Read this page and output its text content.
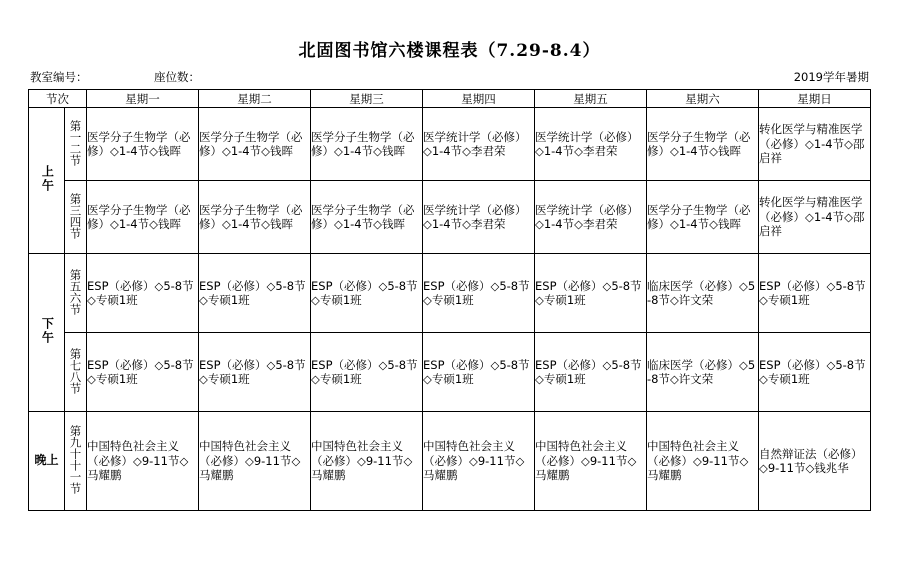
北固图书馆六楼课程表（7.29-8.4）
教室编号：	座位数：	2019学年暑期
节次		星期一	星期二	星期三	星期四	星期五	星期六	星期日
上午	第一二节	医学分子生物学（必修）◇1-4节◇钱晖	医学分子生物学（必修）◇1-4节◇钱晖	医学分子生物学（必修）◇1-4节◇钱晖	医学统计学（必修）◇1-4节◇李君荣	医学统计学（必修）◇1-4节◇李君荣	医学分子生物学（必修）◇1-4节◇钱晖	转化医学与精准医学（必修）◇1-4节◇邵启祥
	第三四节	医学分子生物学（必修）◇1-4节◇钱晖	医学分子生物学（必修）◇1-4节◇钱晖	医学分子生物学（必修）◇1-4节◇钱晖	医学统计学（必修）◇1-4节◇李君荣	医学统计学（必修）◇1-4节◇李君荣	医学分子生物学（必修）◇1-4节◇钱晖	转化医学与精准医学（必修）◇1-4节◇邵启祥
下午	第五六节	ESP（必修）◇5-8节◇专硕1班	ESP（必修）◇5-8节◇专硕1班	ESP（必修）◇5-8节◇专硕1班	ESP（必修）◇5-8节◇专硕1班	ESP（必修）◇5-8节◇专硕1班	临床医学（必修）◇5-8节◇许文荣	ESP（必修）◇5-8节◇专硕1班
	第七八节	ESP（必修）◇5-8节◇专硕1班	ESP（必修）◇5-8节◇专硕1班	ESP（必修）◇5-8节◇专硕1班	ESP（必修）◇5-8节◇专硕1班	ESP（必修）◇5-8节◇专硕1班	临床医学（必修）◇5-8节◇许文荣	ESP（必修）◇5-8节◇专硕1班
晚上	第九十十一节	中国特色社会主义（必修）◇9-11节◇马耀鹏	中国特色社会主义（必修）◇9-11节◇马耀鹏	中国特色社会主义（必修）◇9-11节◇马耀鹏	中国特色社会主义（必修）◇9-11节◇马耀鹏	中国特色社会主义（必修）◇9-11节◇马耀鹏	中国特色社会主义（必修）◇9-11节◇马耀鹏	自然辩证法（必修）◇9-11节◇钱兆华
